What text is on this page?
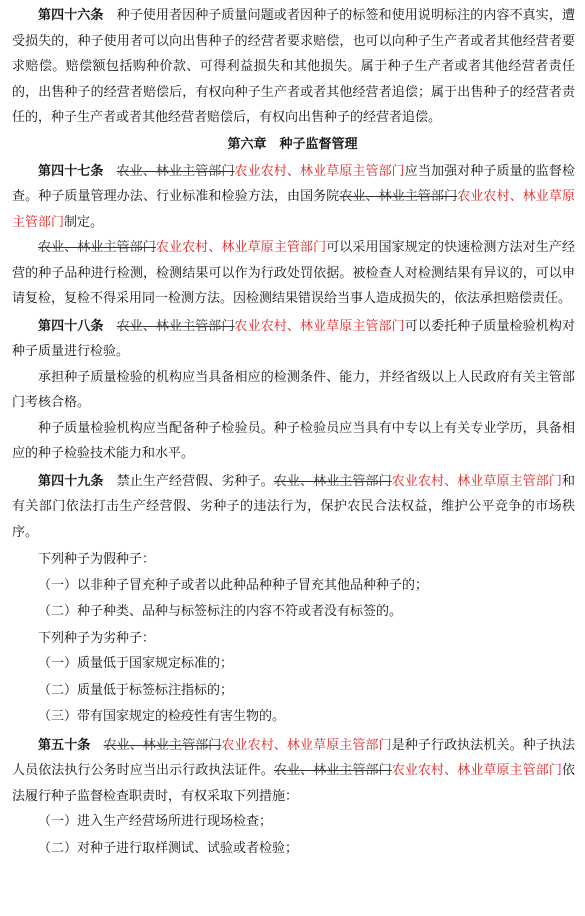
第四十六条　 种子使用者因种子质量问题或者因种子的标签和使用说明标注的内容不真实，遭受损失的，种子使用者可以向出售种子的经营者要求赔偿，也可以向种子生产者或者其他经营者要求赔偿。赔偿额包括购种价款、可得利益损失和其他损失。属于种子生产者或者其他经营者责任的，出售种子的经营者赔偿后，有权向种子生产者或者其他经营者追偿；属于出售种子的经营者责任的，种子生产者或者其他经营者赔偿后，有权向出售种子的经营者追偿。

第六章　种子监督管理

第四十七条　 农业、林业主管部门农业农村、林业草原主管部门应当加强对种子质量的监督检查。种子质量管理办法、行业标准和检验方法，由国务院农业、林业主管部门农业农村、林业草原主管部门制定。

农业、林业主管部门农业农村、林业草原主管部门可以采用国家规定的快速检测方法对生产经营的种子品种进行检测，检测结果可以作为行政处罚依据。被检查人对检测结果有异议的，可以申请复检，复检不得采用同一检测方法。因检测结果错误给当事人造成损失的，依法承担赔偿责任。

第四十八条　 农业、林业主管部门农业农村、林业草原主管部门可以委托种子质量检验机构对种子质量进行检验。

承担种子质量检验的机构应当具备相应的检测条件、能力，并经省级以上人民政府有关主管部门考核合格。

种子质量检验机构应当配备种子检验员。种子检验员应当具有中专以上有关专业学历，具备相应的种子检验技术能力和水平。

第四十九条　 禁止生产经营假、劣种子。农业、林业主管部门农业农村、林业草原主管部门和有关部门依法打击生产经营假、劣种子的违法行为，保护农民合法权益，维护公平竞争的市场秩序。

下列种子为假种子：

（一）以非种子冒充种子或者以此种品种种子冒充其他品种种子的；

（二）种子种类、品种与标签标注的内容不符或者没有标签的。

下列种子为劣种子：

（一）质量低于国家规定标准的；

（二）质量低于标签标注指标的；

（三）带有国家规定的检疫性有害生物的。

第五十条　 农业、林业主管部门农业农村、林业草原主管部门是种子行政执法机关。种子执法人员依法执行公务时应当出示行政执法证件。农业、林业主管部门农业农村、林业草原主管部门依法履行种子监督检查职责时，有权采取下列措施：

（一）进入生产经营场所进行现场检查；

（二）对种子进行取样测试、试验或者检验；
